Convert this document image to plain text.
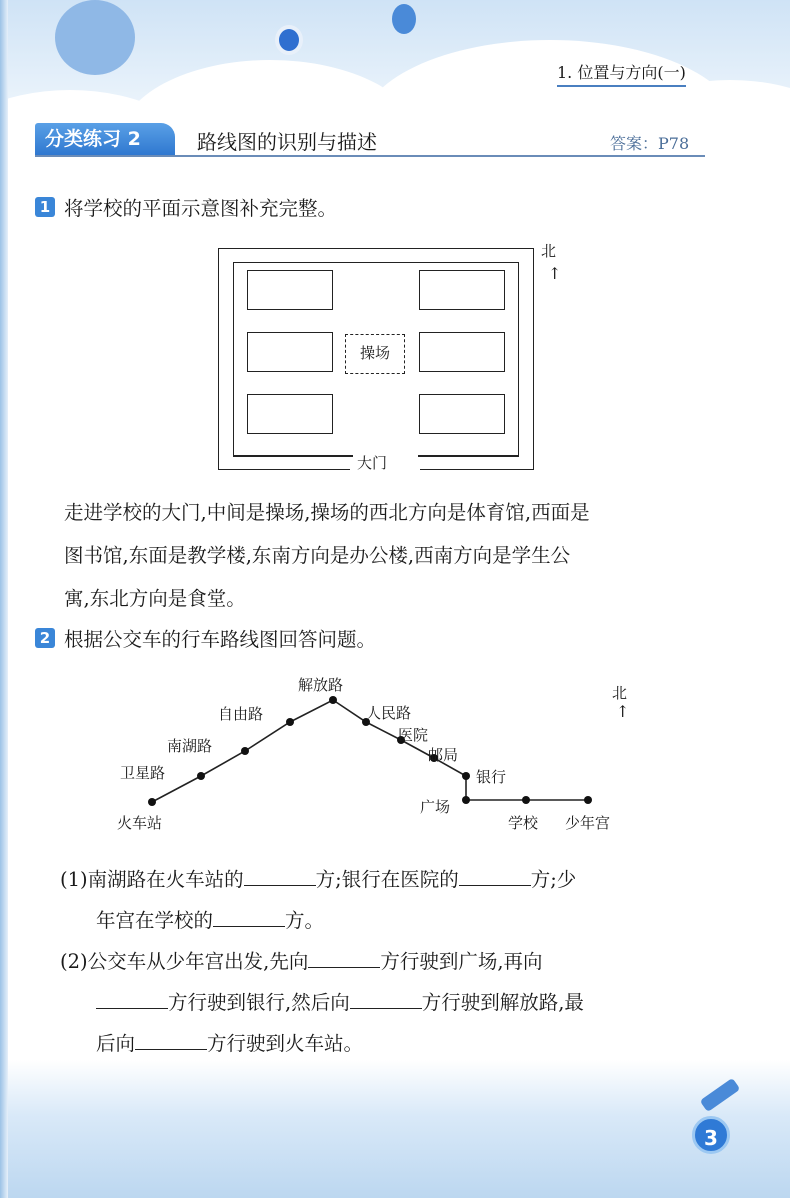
1. 位置与方向(一)
分类练习 2	路线图的识别与描述	答案：P78
1 将学校的平面示意图补充完整。
大门
操场
北
↑
走进学校的大门,中间是操场,操场的西北方向是体育馆,西面是
图书馆,东面是教学楼,东南方向是办公楼,西南方向是学生公
寓,东北方向是食堂。
2 根据公交车的行车路线图回答问题。
火车站
卫星路
南湖路
自由路
解放路
人民路
医院
邮局
银行
广场
学校 少年宫
北
↑
(1)南湖路在火车站的	方;银行在医院的	方;少
年宫在学校的	方。
(2)公交车从少年宫出发,先向	方行驶到广场,再向
方行驶到银行,然后向	方行驶到解放路,最
后向	方行驶到火车站。
3
